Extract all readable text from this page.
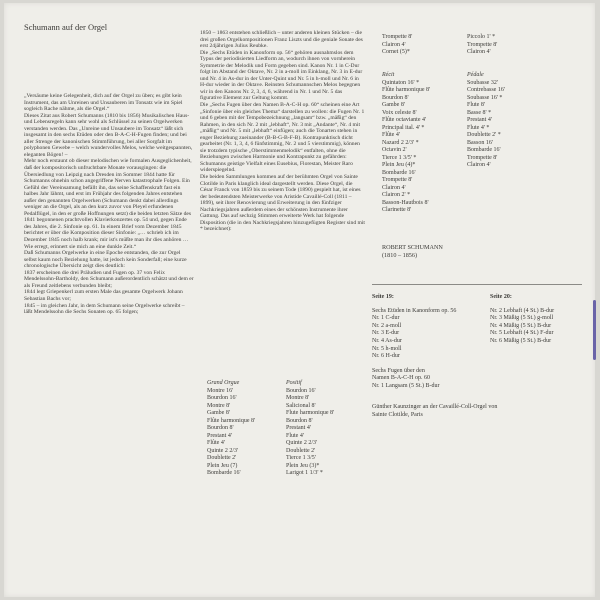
Schumann auf der Orgel

„Versäume keine Gelegenheit, dich auf der Orgel zu üben; es gibt kein Instrument, das am Unreinen und Unsauberen im Tonsatz wie im Spiel sogleich Rache nähme, als die Orgel.“

Dieses Zitat aus Robert Schumanns (1810 bis 1856) Musikalischen Haus- und Lebensregeln kann sehr wohl als Schlüssel zu seinen Orgelwerken verstanden werden. Das „Unreine und Unsaubere im Tonsatz“ läßt sich insgesamt in den sechs Etüden oder den B-A-C-H-Fugen finden; und bei aller Strenge der kanonischen Stimmführung, bei aller Sorgfalt im polyphonen Gewebe – welch wundervolles Melos, welche weitgespannten, eleganten Bögen! –

Mehr noch erstaunt ob dieser melodischen wie formalen Ausgeglichenheit, daß der kompositorisch unfruchtbare Monate vorausgingen: die Übersiedlung von Leipzig nach Dresden im Sommer 1844 hatte für Schumanns ohnehin schon angegriffene Nerven katastrophale Folgen. Ein Gefühl der Vereinsamung befällt ihn, das seine Schaffenskraft fast ein halbes Jahr lähmt, und erst im Frühjahr des folgenden Jahres entstehen außer den genannten Orgelwerken (Schumann denkt dabei allerdings weniger an die Orgel, als an den kurz zuvor von Pleyel erfundenen Pedalflügel, in den er große Hoffnungen setzt) die beiden letzten Sätze des 1841 begonnenen prachtvollen Klavierkonzertes op. 54 und, gegen Ende des Jahres, die 2. Sinfonie op. 61. In einem Brief vom Dezember 1845 berichtet er über die Komposition dieser Sinfonie: „… schrieb ich im Dezember 1845 noch halb krank; mir ist's müßte man ihr dies anhören … Wie erregt, erinnert sie mich an eine dunkle Zeit.“

Daß Schumanns Orgelwerke in eine Epoche entstanden, die zur Orgel selbst kaum noch Beziehung hatte, ist jedoch kein Sonderfall; eine kurze chronologische Übersicht zeigt dies deutlich:

1837 erscheinen die drei Präludien und Fugen op. 37 von Felix Mendelssohn-Bartholdy, den Schumann außerordentlich schätzt und dem er als Freund zeitlebens verbunden bleibt;

1844 legt Griepenkerl zum ersten Male das gesamte Orgelwerk Johann Sebastian Bachs vor;

1845 – im gleichen Jahr, in dem Schumann seine Orgelwerke schreibt – läßt Mendelssohn die Sechs Sonaten op. 65 folgen;

1850 – 1863 entstehen schließlich – unter anderen kleinen Stücken – die drei großen Orgelkompositionen Franz Liszts und die geniale Sonate des erst 24jährigen Julius Reubke.

Die „Sechs Etüden in Kanonform op. 56“ gehören ausnahmslos dem Typus der periodisierten Liedform an, wodurch ihnen von vornherein Symmetrie der Melodik und Form gegeben sind. Kanon Nr. 1 in C-Dur folgt im Abstand der Oktave, Nr. 2 in a-moll im Einklang, Nr. 3 in E-dur und Nr. 4 in As-dur in der Unter-Quint und Nr. 5 in h-moll und Nr. 6 in H-dur wieder in der Oktave. Reinsten Schumannschen Melos begegnen wir in den Kanons Nr. 2, 3, 4, 6, während in Nr. 1 und Nr. 5 das figurative Element zur Geltung kommt.

Die „Sechs Fugen über den Namen B-A-C-H op. 60“ scheinen eine Art „Sinfonie über ein gleiches Thema“ darstellen zu wollen: die Fugen Nr. 1 und 6 geben mit der Tempobezeichnung „langsam“ bzw. „mäßig“ den Rahmen, in den sich Nr. 2 mit „lebhaft“, Nr. 3 mit „Andante“, Nr. 4 mit „mäßig“ und Nr. 5 mit „lebhaft“ einfügen; auch die Tonarten stehen in enger Beziehung zueinander (B-B-G-B-F-B). Kontrapunktisch dicht gearbeitet (Nr. 1, 3, 4, 6 fünfstimmig, Nr. 2 und 5 vierstimmig), können sie trotzdem typische „Oberstimmenmelodik“ entfalten, ohne die Beziehungen zwischen Harmonie und Kontrapunkt zu gefährden: Schumanns geistige Vielfalt eines Eusebius, Florestan, Meister Raro widerspiegelnd.

Die beiden Sammlungen kommen auf der berühmten Orgel von Sainte Clotilde in Paris klanglich ideal dargestellt werden. Diese Orgel, die César Franck von 1859 bis zu seinem Tode (1890) gespielt hat, ist eines der bedeutendsten Meisterwerke von Aristide Cavaillé-Coll (1811 – 1899), seit ihrer Renovierung und Erweiterung in den fünfziger Nachkriegsjahren außerdem eines der schönsten Instrumente ihrer Gattung. Das auf sechzig Stimmen erweiterte Werk hat folgende Disposition (die in den Nachkriegsjahren hinzugefügten Register sind mit * bezeichnet):

Grand Orgue
Montre 16'
Bourdon 16'
Montre 8'
Gambe 8'
Flûte harmonique 8'
Bourdon 8'
Prestant 4'
Flûte 4'
Quinte 2 2/3'
Doublette 2'
Plein Jeu (7)
Bombarde 16'
Positif
Bourdon 16'
Montre 8'
Salicional 8'
Flute harmonique 8'
Bourdon 8'
Prestant 4'
Flute 4'
Quinte 2 2/3'
Doublette 2'
Tierce 1 3/5'
Plein Jeu (3)*
Larigot 1 1/3' *
Trompette 8'
Clairon 4'
Cornet (5)*
Piccolo 1' *
Trompette 8'
Clairon 4'
Récit
Quintaton 16' *
Flûte harmonique 8'
Bourdon 8'
Gambe 8'
Voix celeste 8'
Flûte octaviante 4'
Principal ital. 4' *
Flûte 4'
Nazard 2 2/3' *
Octavin 2'
Tierce 1 3/5' *
Plein Jeu (4)*
Bombarde 16'
Trompette 8'
Clairon 4'
Clairon 2' *
Basson-Hautbois 8'
Clarinette 8'
Pédale
Soubasse 32'
Contrebasse 16'
Soubasse 16' *
Flute 8'
Basse 8' *
Prestant 4'
Flute 4' *
Doublette 2' *
Basson 16'
Bombarde 16'
Trompette 8'
Clairon 4'
ROBERT SCHUMANN
(1810 – 1856)
Seite 19:
Sechs Etüden in Kanonform op. 56
Nr. 1 C-dur
Nr. 2 a-moll
Nr. 3 E-dur
Nr. 4 As-dur
Nr. 5 h-moll
Nr. 6 H-dur
Sechs Fugen über den
Namen B-A-C-H op. 60
Nr. 1 Langsam (5 St.) B-dur
Günther Kaunzinger an der Cavaillé-Coll-Orgel von
Sainte Clotilde, Paris
Seite 20:
Nr. 2 Lebhaft (4 St.) B-dur
Nr. 3 Mäßig (5 St.) g-moll
Nr. 4 Mäßig (5 St.) B-dur
Nr. 5 Lebhaft (4 St.) F-dur
Nr. 6 Mäßig (5 St.) B-dur
